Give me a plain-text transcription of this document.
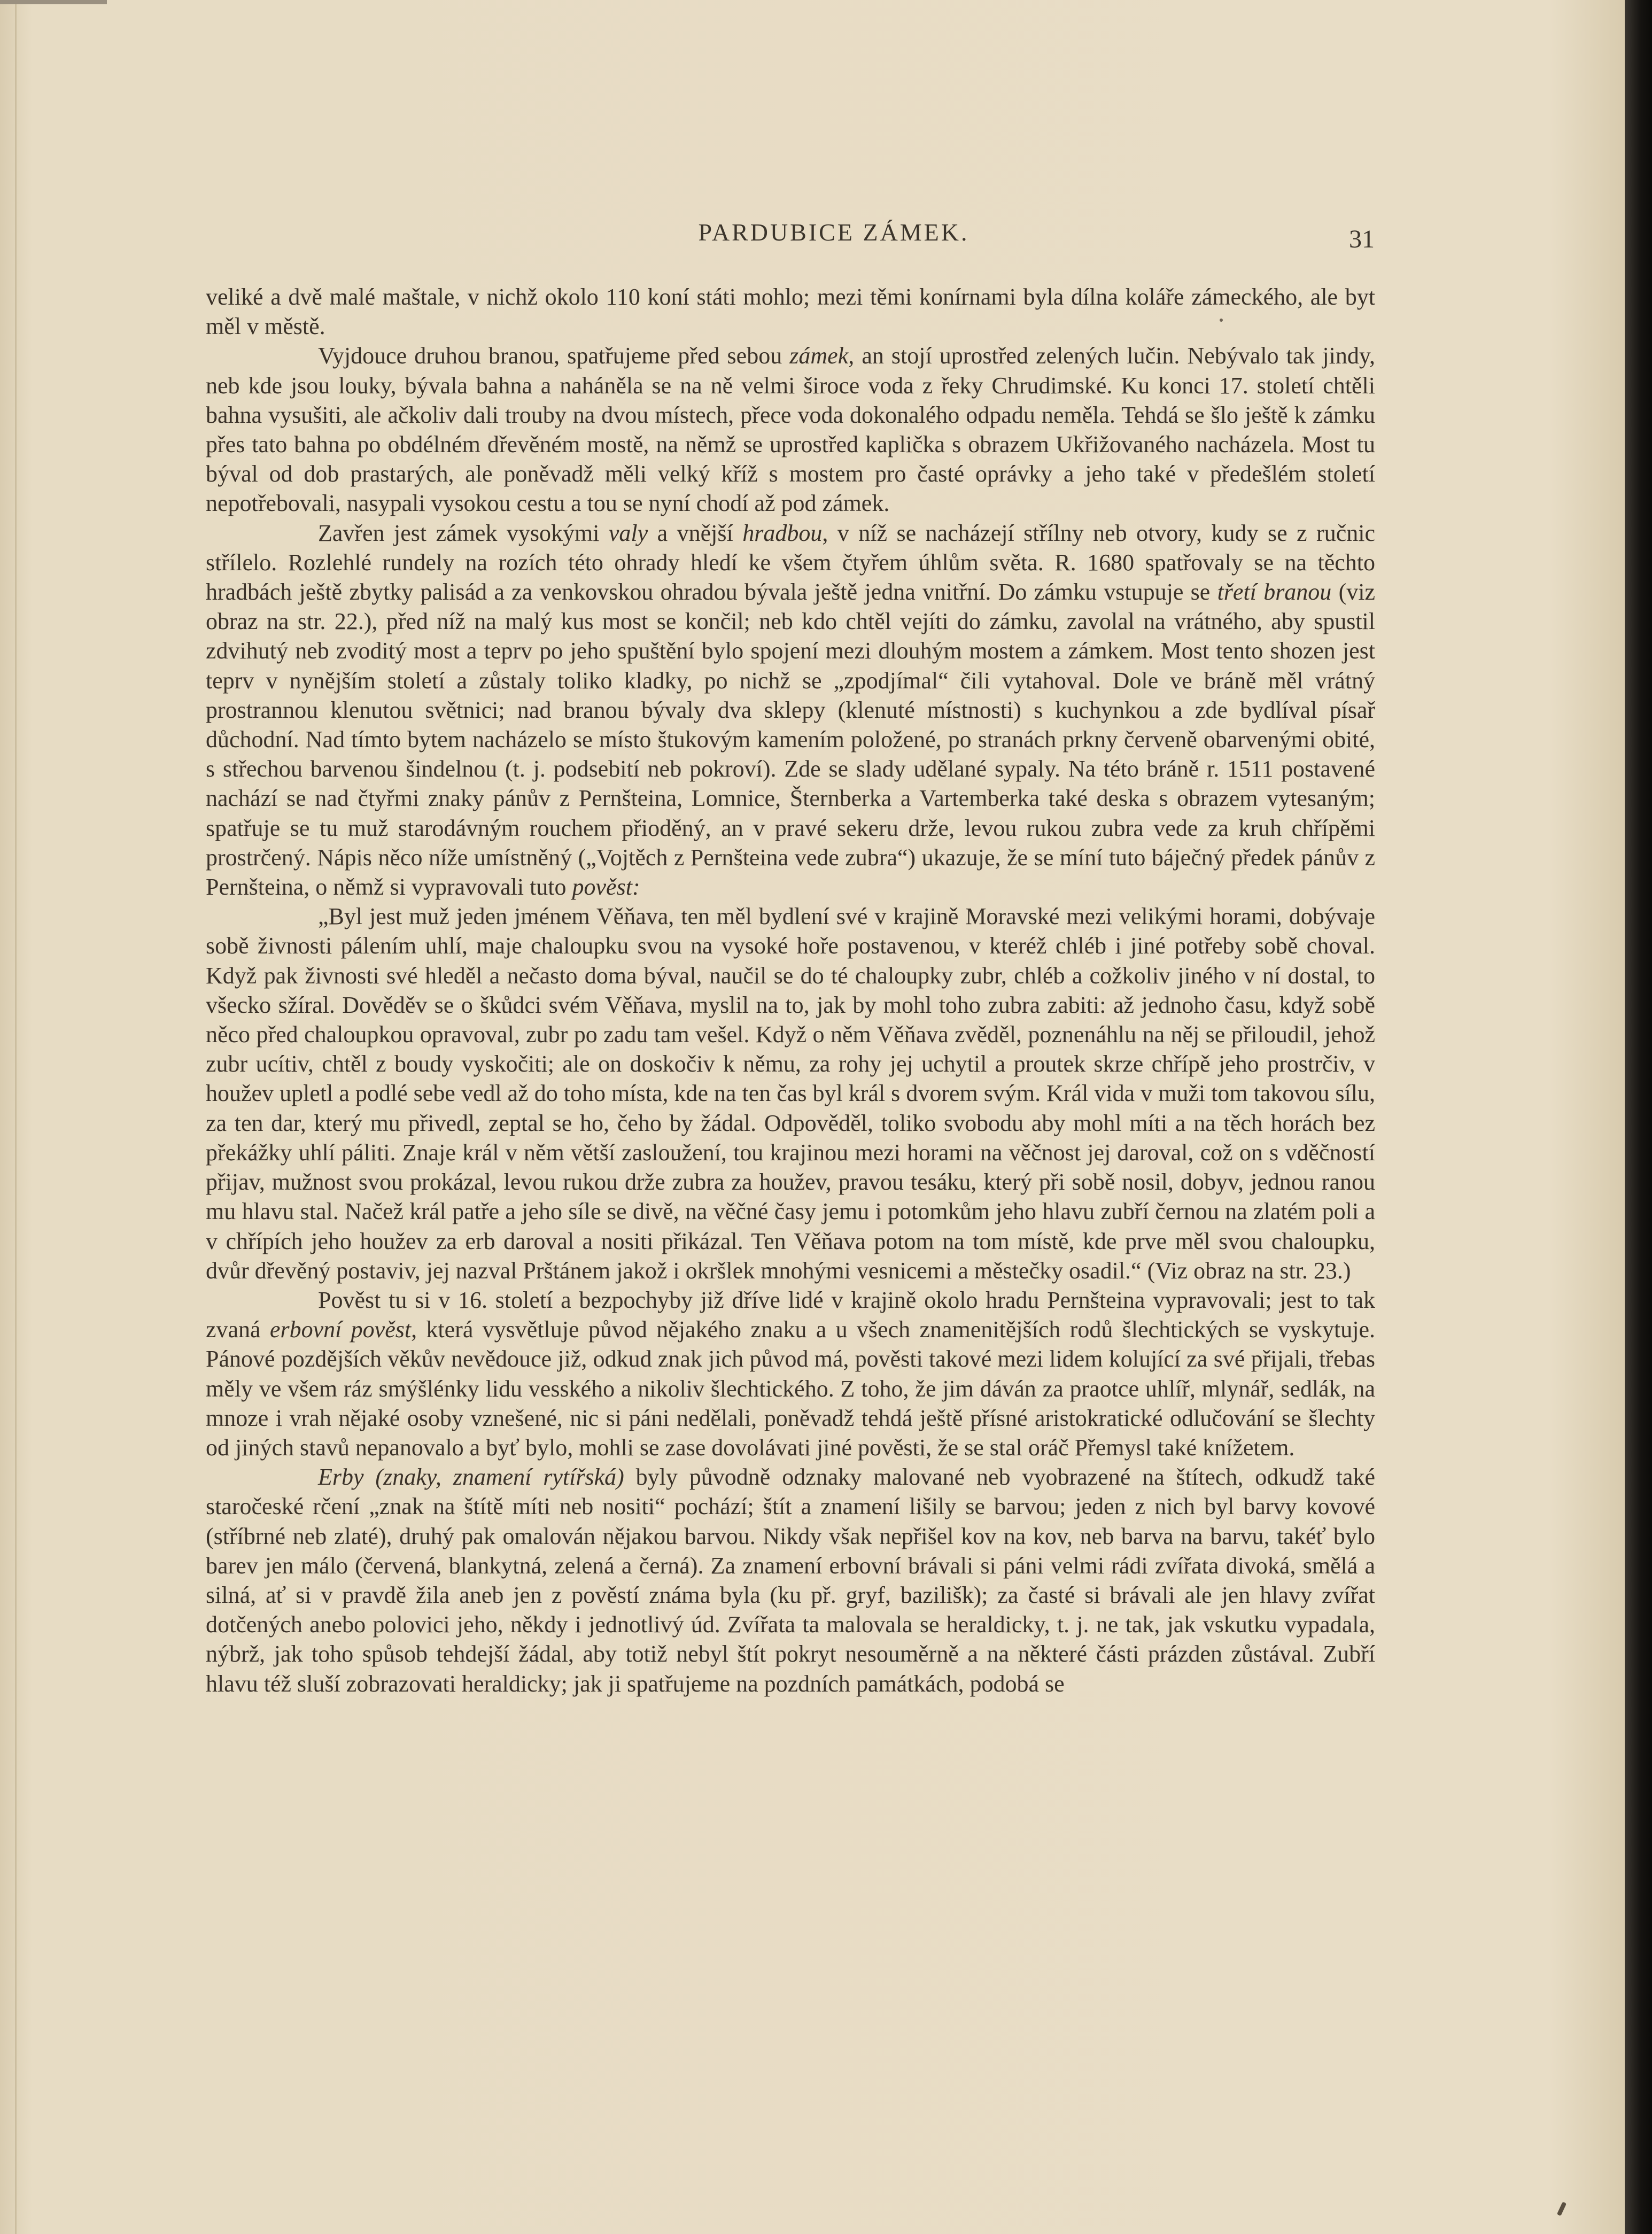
PARDUBICE ZÁMEK.	31

veliké a dvě malé maštale, v nichž okolo 110 koní státi mohlo; mezi těmi konírnami byla dílna koláře zámeckého, ale byt měl v městě.

Vyjdouce druhou branou, spatřujeme před sebou zámek, an stojí uprostřed zelených lučin. Nebývalo tak jindy, neb kde jsou louky, bývala bahna a naháněla se na ně velmi široce voda z řeky Chrudimské. Ku konci 17. století chtěli bahna vysušiti, ale ačkoliv dali trouby na dvou místech, přece voda dokonalého odpadu neměla. Tehdá se šlo ještě k zámku přes tato bahna po obdélném dřevěném mostě, na němž se uprostřed kaplička s obrazem Ukřižovaného nacházela. Most tu býval od dob prastarých, ale poněvadž měli velký kříž s mostem pro časté oprávky a jeho také v předešlém století nepotřebovali, nasypali vysokou cestu a tou se nyní chodí až pod zámek.

Zavřen jest zámek vysokými valy a vnější hradbou, v níž se nacházejí střílny neb otvory, kudy se z ručnic střílelo. Rozlehlé rundely na rozích této ohrady hledí ke všem čtyřem úhlům světa. R. 1680 spatřovaly se na těchto hradbách ještě zbytky palisád a za venkovskou ohradou bývala ještě jedna vnitřní. Do zámku vstupuje se třetí branou (viz obraz na str. 22.), před níž na malý kus most se končil; neb kdo chtěl vejíti do zámku, zavolal na vrátného, aby spustil zdvihutý neb zvoditý most a teprv po jeho spuštění bylo spojení mezi dlouhým mostem a zámkem. Most tento shozen jest teprv v nynějším století a zůstaly toliko kladky, po nichž se „zpodjímal“ čili vytahoval. Dole ve bráně měl vrátný prostrannou klenutou světnici; nad branou bývaly dva sklepy (klenuté místnosti) s kuchynkou a zde bydlíval písař důchodní. Nad tímto bytem nacházelo se místo štukovým kamením položené, po stranách prkny červeně obarvenými obité, s střechou barvenou šindelnou (t. j. podsebití neb pokroví). Zde se slady udělané sypaly. Na této bráně r. 1511 postavené nachází se nad čtyřmi znaky pánův z Pernšteina, Lomnice, Šternberka a Vartemberka také deska s obrazem vytesaným; spatřuje se tu muž starodávným rouchem přioděný, an v pravé sekeru drže, levou rukou zubra vede za kruh chřípěmi prostrčený. Nápis něco níže umístněný („Vojtěch z Pernšteina vede zubra“) ukazuje, že se míní tuto báječný předek pánův z Pernšteina, o němž si vypravovali tuto pověst:

„Byl jest muž jeden jménem Věňava, ten měl bydlení své v krajině Moravské mezi velikými horami, dobývaje sobě živnosti pálením uhlí, maje chaloupku svou na vysoké hoře postavenou, v kteréž chléb i jiné potřeby sobě choval. Když pak živnosti své hleděl a nečasto doma býval, naučil se do té chaloupky zubr, chléb a cožkoliv jiného v ní dostal, to všecko sžíral. Dověděv se o škůdci svém Věňava, myslil na to, jak by mohl toho zubra zabiti: až jednoho času, když sobě něco před chaloupkou opravoval, zubr po zadu tam vešel. Když o něm Věňava zvěděl, poznenáhlu na něj se přiloudil, jehož zubr ucítiv, chtěl z boudy vyskočiti; ale on doskočiv k němu, za rohy jej uchytil a proutek skrze chřípě jeho prostrčiv, v houžev upletl a podlé sebe vedl až do toho místa, kde na ten čas byl král s dvorem svým. Král vida v muži tom takovou sílu, za ten dar, který mu přivedl, zeptal se ho, čeho by žádal. Odpověděl, toliko svobodu aby mohl míti a na těch horách bez překážky uhlí páliti. Znaje král v něm větší zasloužení, tou krajinou mezi horami na věčnost jej daroval, což on s vděčností přijav, mužnost svou prokázal, levou rukou drže zubra za houžev, pravou tesáku, který při sobě nosil, dobyv, jednou ranou mu hlavu stal. Načež král patře a jeho síle se divě, na věčné časy jemu i potomkům jeho hlavu zubří černou na zlatém poli a v chřípích jeho houžev za erb daroval a nositi přikázal. Ten Věňava potom na tom místě, kde prve měl svou chaloupku, dvůr dřevěný postaviv, jej nazval Prštánem jakož i okršlek mnohými vesnicemi a městečky osadil.“ (Viz obraz na str. 23.)

Pověst tu si v 16. století a bezpochyby již dříve lidé v krajině okolo hradu Pernšteina vypravovali; jest to tak zvaná erbovní pověst, která vysvětluje původ nějakého znaku a u všech znamenitějších rodů šlechtických se vyskytuje. Pánové pozdějších věkův nevědouce již, odkud znak jich původ má, pověsti takové mezi lidem kolující za své přijali, třebas měly ve všem ráz smýšlénky lidu vesského a nikoliv šlechtického. Z toho, že jim dáván za praotce uhlíř, mlynář, sedlák, na mnoze i vrah nějaké osoby vznešené, nic si páni nedělali, poněvadž tehdá ještě přísné aristokratické odlučování se šlechty od jiných stavů nepanovalo a byť bylo, mohli se zase dovolávati jiné pověsti, že se stal oráč Přemysl také knížetem.

Erby (znaky, znamení rytířská) byly původně odznaky malované neb vyobrazené na štítech, odkudž také staročeské rčení „znak na štítě míti neb nositi“ pochází; štít a znamení lišily se barvou; jeden z nich byl barvy kovové (stříbrné neb zlaté), druhý pak omalován nějakou barvou. Nikdy však nepřišel kov na kov, neb barva na barvu, takéť bylo barev jen málo (červená, blankytná, zelená a černá). Za znamení erbovní brávali si páni velmi rádi zvířata divoká, smělá a silná, ať si v pravdě žila aneb jen z pověstí známa byla (ku př. gryf, bazilišk); za časté si brávali ale jen hlavy zvířat dotčených anebo polovici jeho, někdy i jednotlivý úd. Zvířata ta malovala se heraldicky, t. j. ne tak, jak vskutku vypadala, nýbrž, jak toho spůsob tehdejší žádal, aby totiž nebyl štít pokryt nesouměrně a na některé části prázden zůstával. Zubří hlavu též sluší zobrazovati heraldicky; jak ji spatřujeme na pozdních památkách, podobá se
